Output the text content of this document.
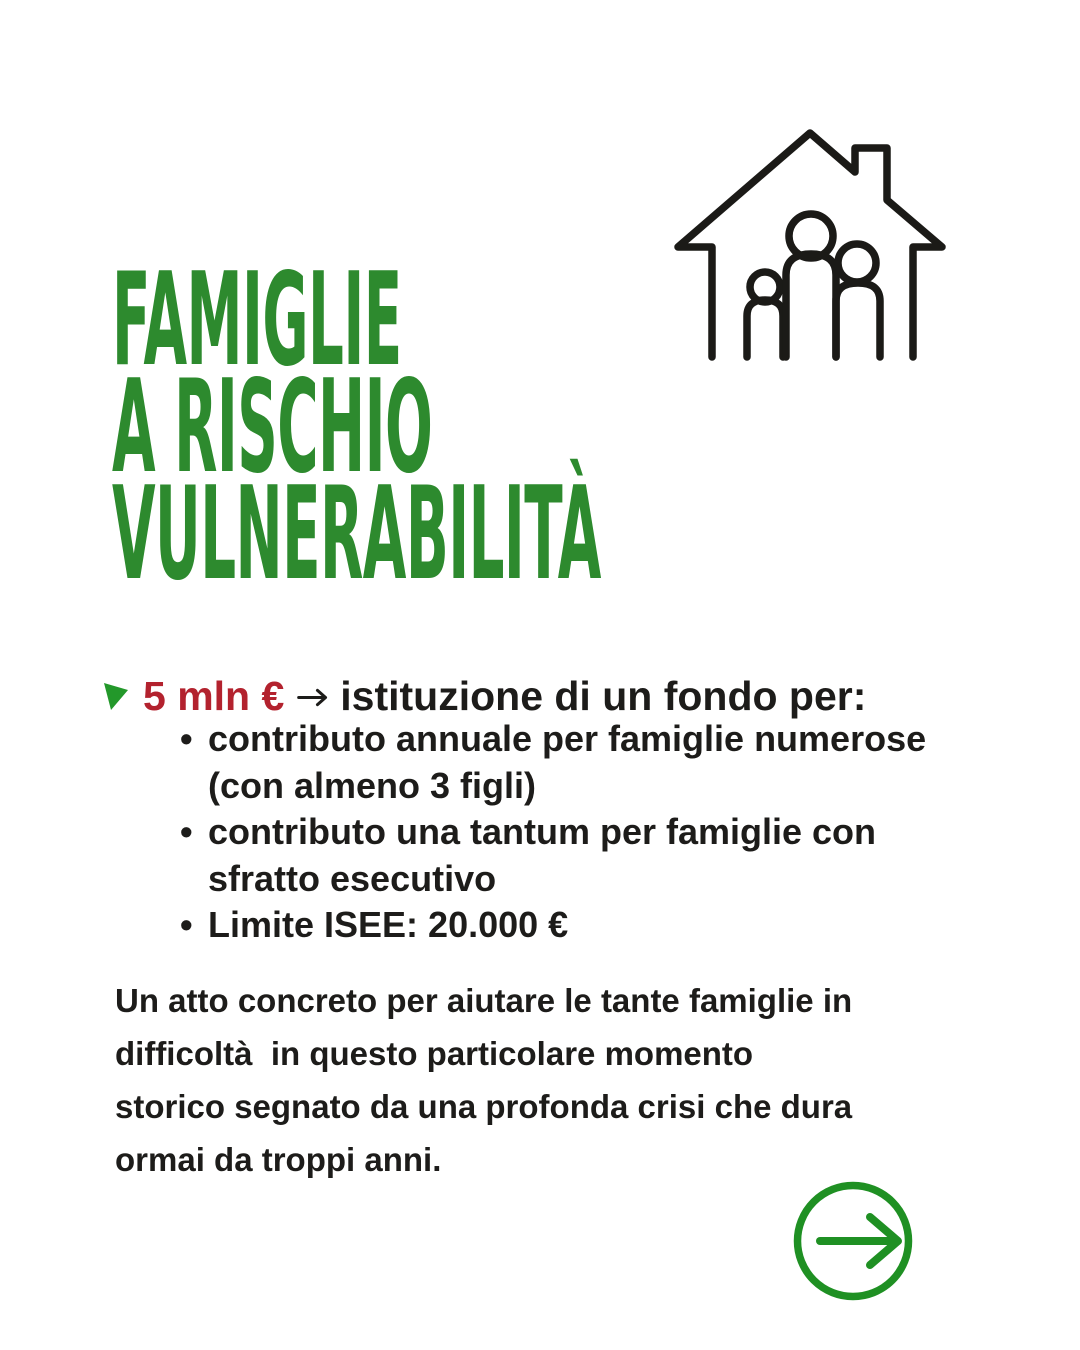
FAMIGLIE
A RISCHIO
VULNERABILITÀ
5 mln € istituzione di un fondo per:
• contributo annuale per famiglie numerose (con almeno 3 figli)
• contributo una tantum per famiglie con sfratto esecutivo
• Limite ISEE: 20.000 €

Un atto concreto per aiutare le tante famiglie in difficoltà  in questo particolare momento storico segnato da una profonda crisi che dura ormai da troppi anni.
